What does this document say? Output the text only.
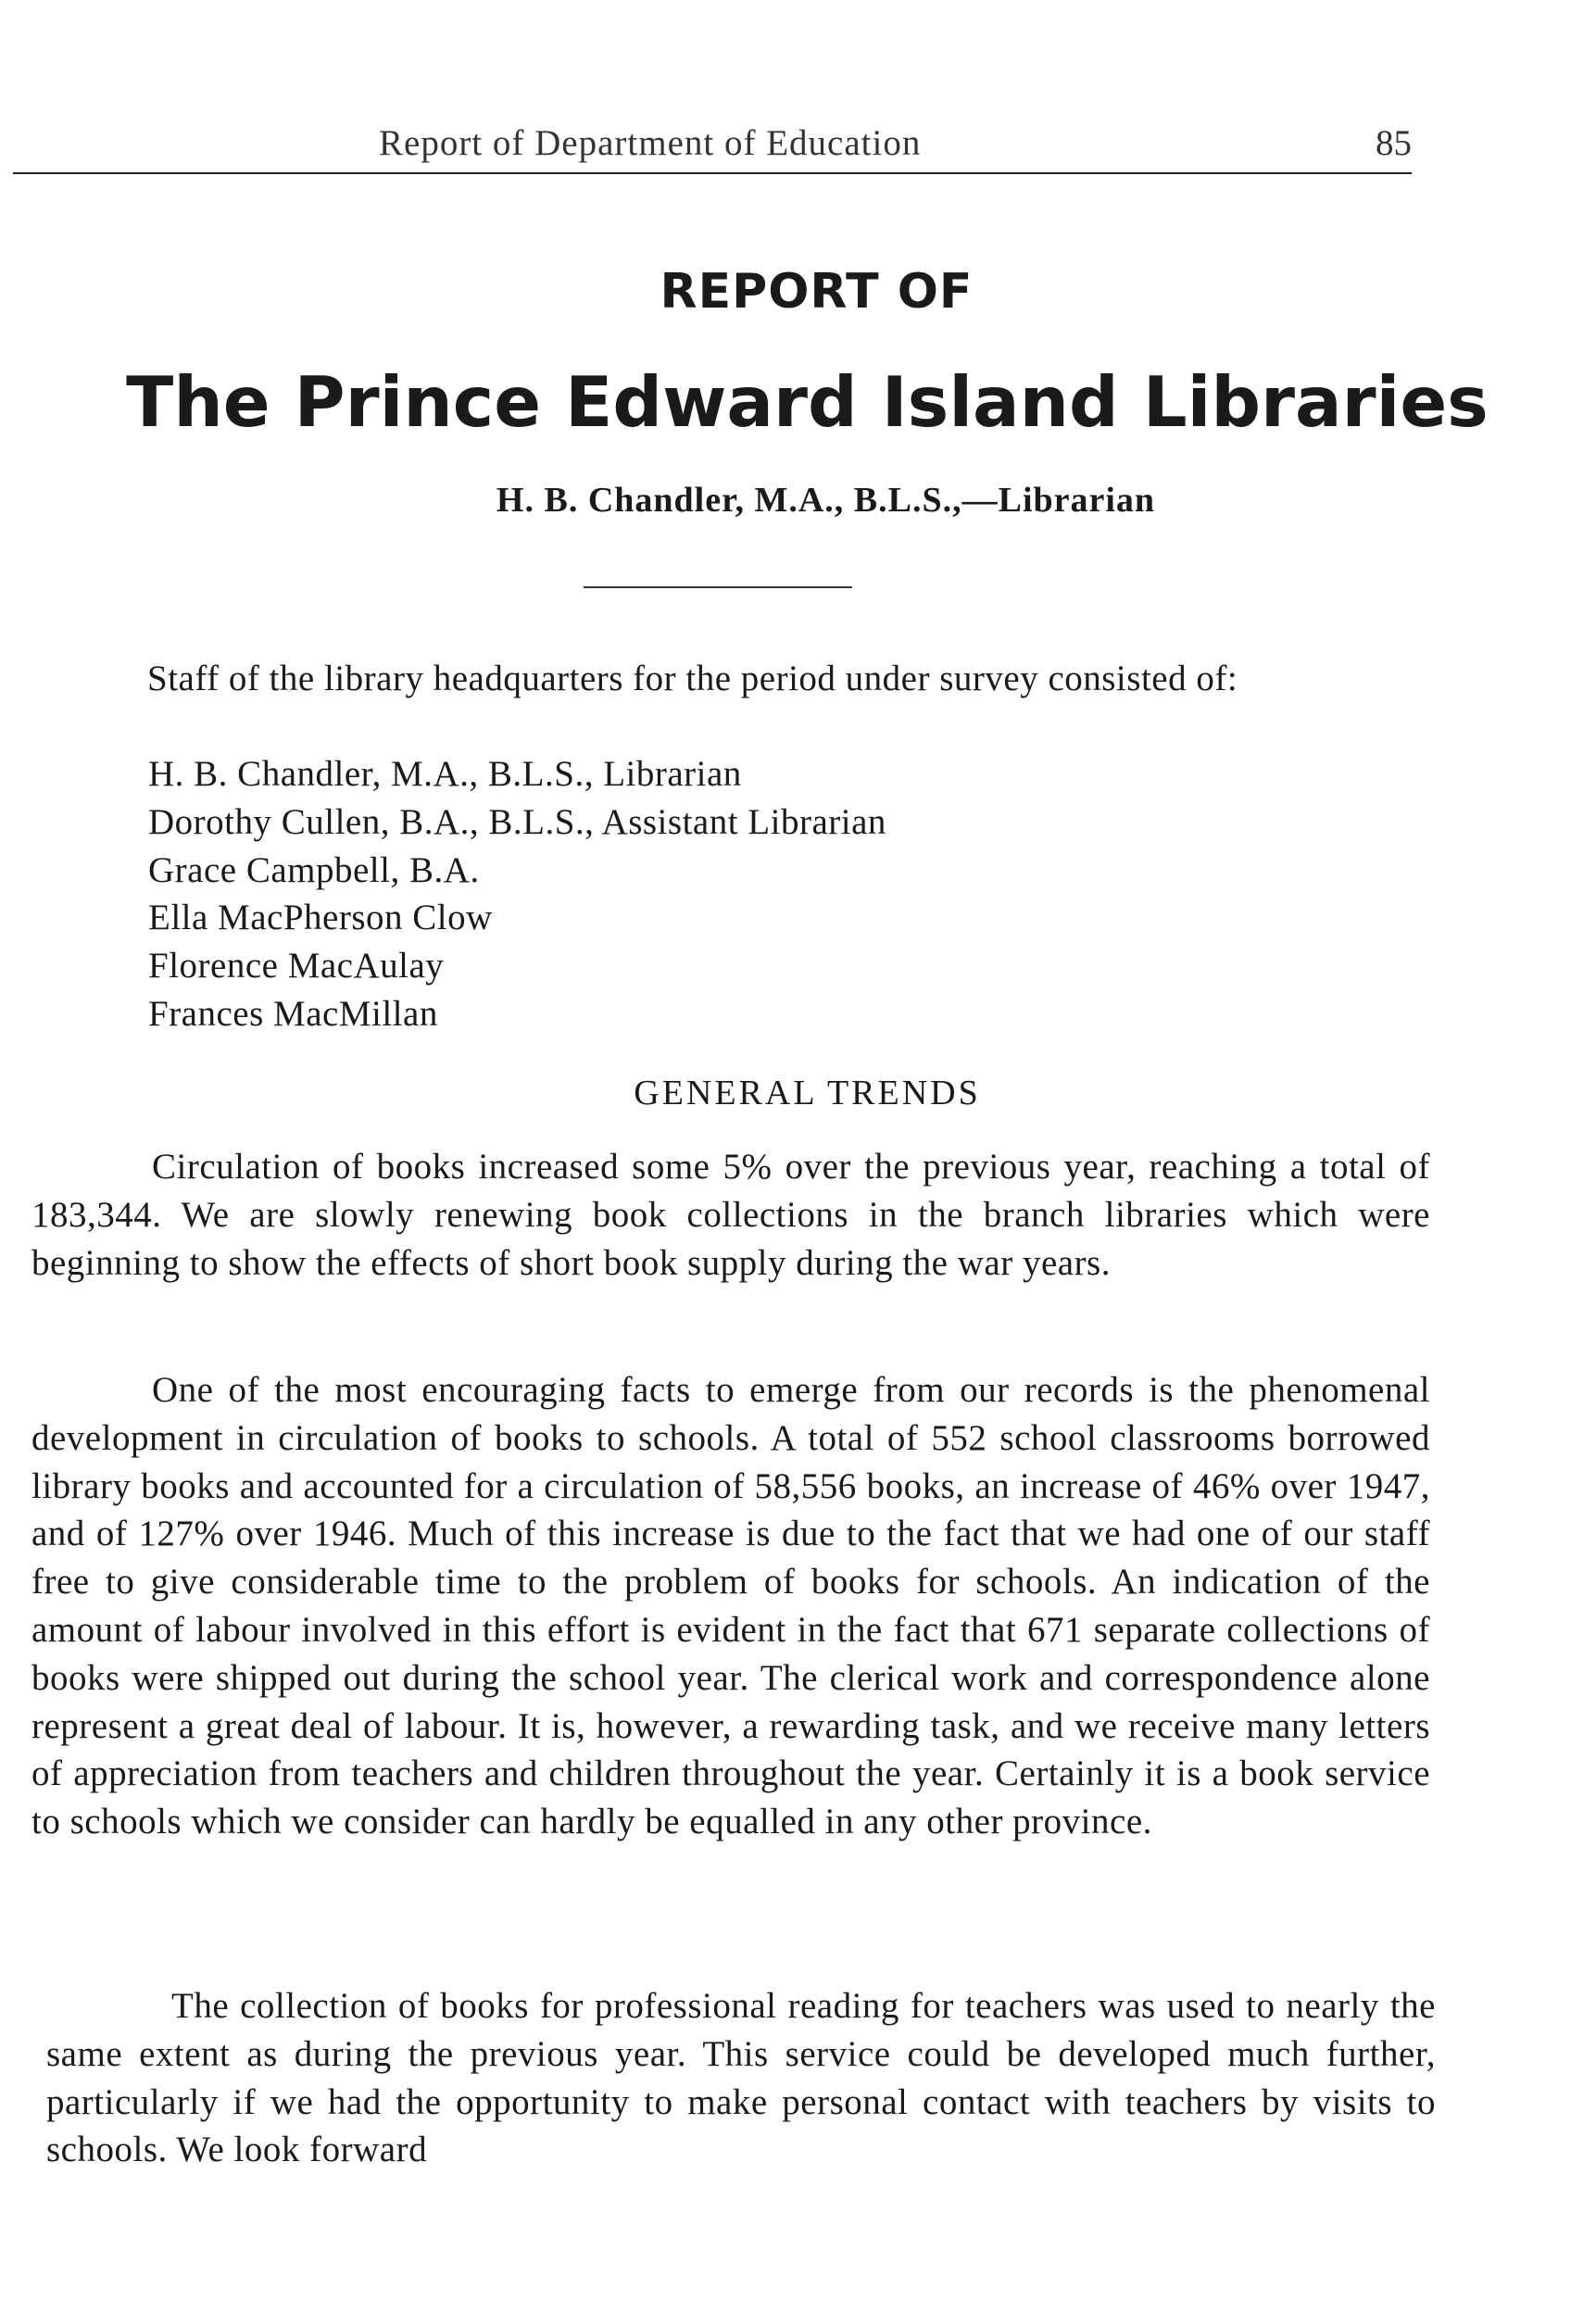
Report of Department of Education	85
REPORT OF
The Prince Edward Island Libraries
H. B. Chandler, M.A., B.L.S.,—Librarian

Staff of the library headquarters for the period under survey consisted of:

H. B. Chandler, M.A., B.L.S., Librarian
Dorothy Cullen, B.A., B.L.S., Assistant Librarian
Grace Campbell, B.A.
Ella MacPherson Clow
Florence MacAulay
Frances MacMillan
GENERAL TRENDS

Circulation of books increased some 5% over the previous year, reaching a total of 183,344. We are slowly renewing book collections in the branch libraries which were beginning to show the effects of short book supply during the war years.

One of the most encouraging facts to emerge from our records is the phenomenal development in circulation of books to schools. A total of 552 school classrooms borrowed library books and accounted for a circulation of 58,556 books, an increase of 46% over 1947, and of 127% over 1946. Much of this increase is due to the fact that we had one of our staff free to give considerable time to the problem of books for schools. An indication of the amount of labour involved in this effort is evident in the fact that 671 separate collections of books were shipped out during the school year. The clerical work and correspondence alone represent a great deal of labour. It is, however, a rewarding task, and we receive many letters of appreciation from teachers and children throughout the year. Certainly it is a book service to schools which we consider can hardly be equalled in any other province.

The collection of books for professional reading for teachers was used to nearly the same extent as during the previous year. This service could be developed much further, particularly if we had the opportunity to make personal contact with teachers by visits to schools. We look forward
